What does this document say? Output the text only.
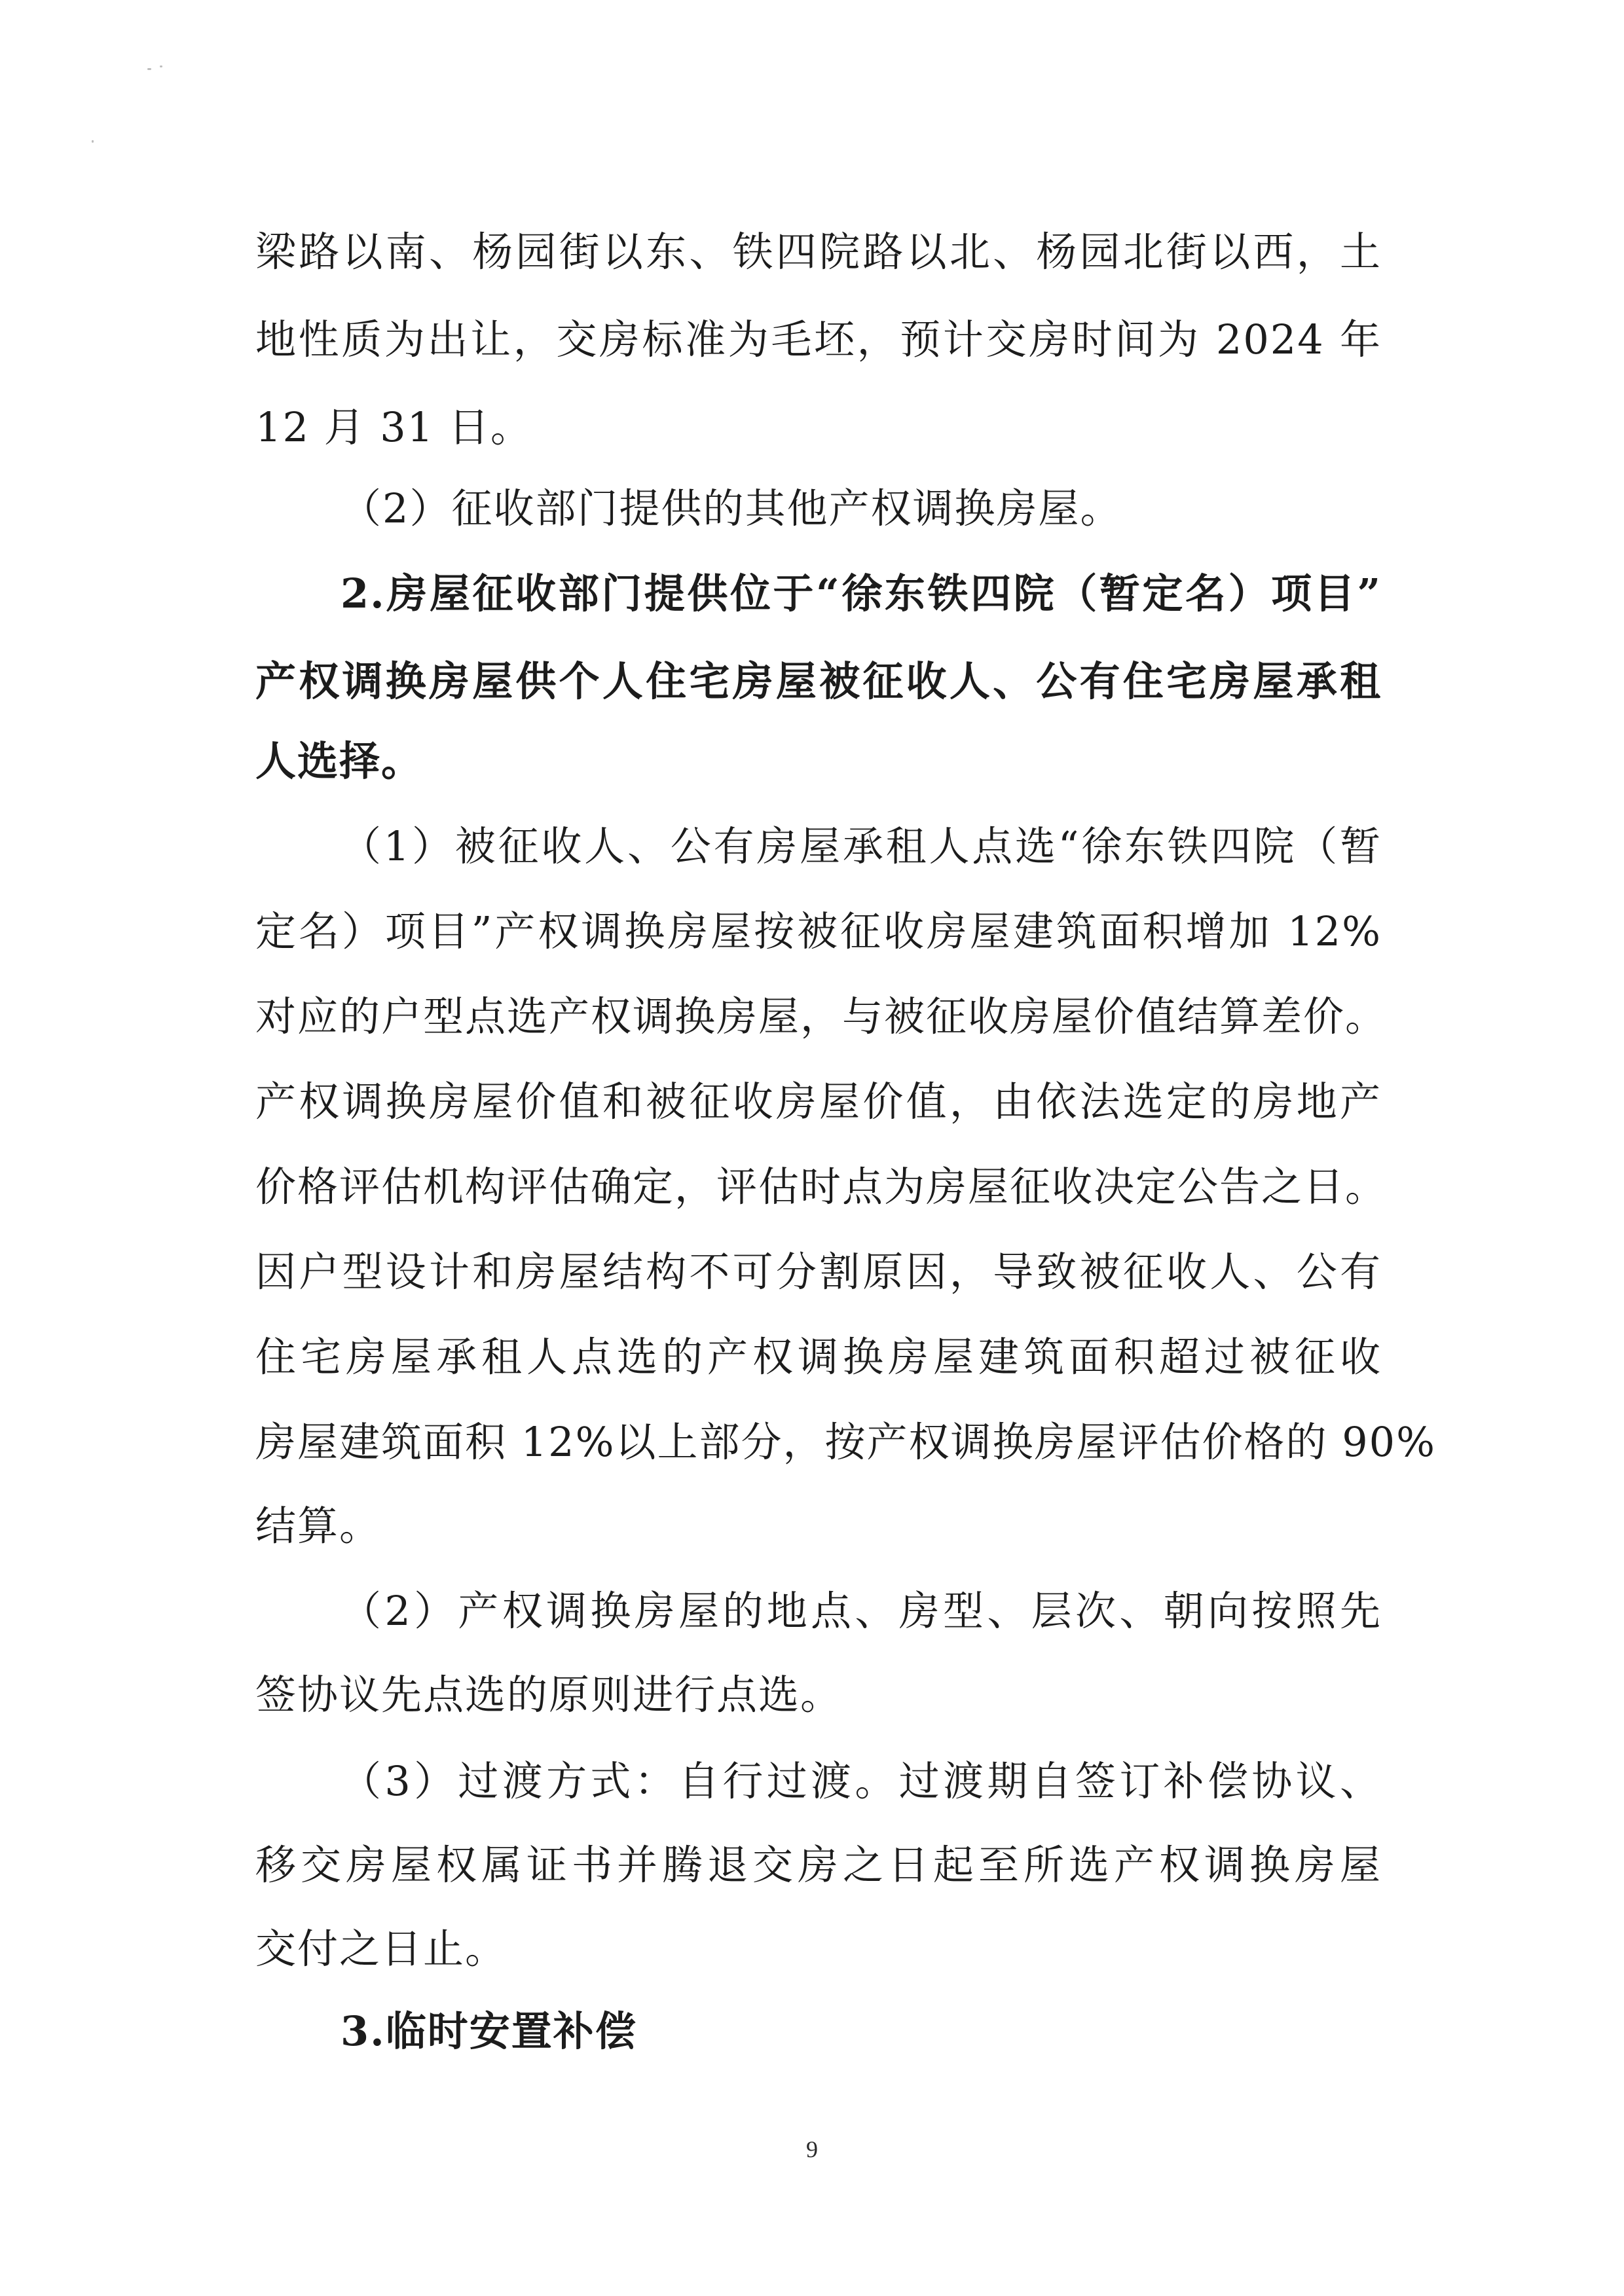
梁路以南、杨园街以东、铁四院路以北、杨园北街以西，土
地性质为出让，交房标准为毛坯，预计交房时间为 2024 年
12 月 31 日。
（2）征收部门提供的其他产权调换房屋。
2.房屋征收部门提供位于“徐东铁四院（暂定名）项目”
产权调换房屋供个人住宅房屋被征收人、公有住宅房屋承租
人选择。
（1）被征收人、公有房屋承租人点选“徐东铁四院（暂
定名）项目”产权调换房屋按被征收房屋建筑面积增加 12%
对应的户型点选产权调换房屋，与被征收房屋价值结算差价。
产权调换房屋价值和被征收房屋价值，由依法选定的房地产
价格评估机构评估确定，评估时点为房屋征收决定公告之日。
因户型设计和房屋结构不可分割原因，导致被征收人、公有
住宅房屋承租人点选的产权调换房屋建筑面积超过被征收
房屋建筑面积 12%以上部分，按产权调换房屋评估价格的 90%
结算。
（2）产权调换房屋的地点、房型、层次、朝向按照先
签协议先点选的原则进行点选。
（3）过渡方式：自行过渡。过渡期自签订补偿协议、
移交房屋权属证书并腾退交房之日起至所选产权调换房屋
交付之日止。
3.临时安置补偿
9
